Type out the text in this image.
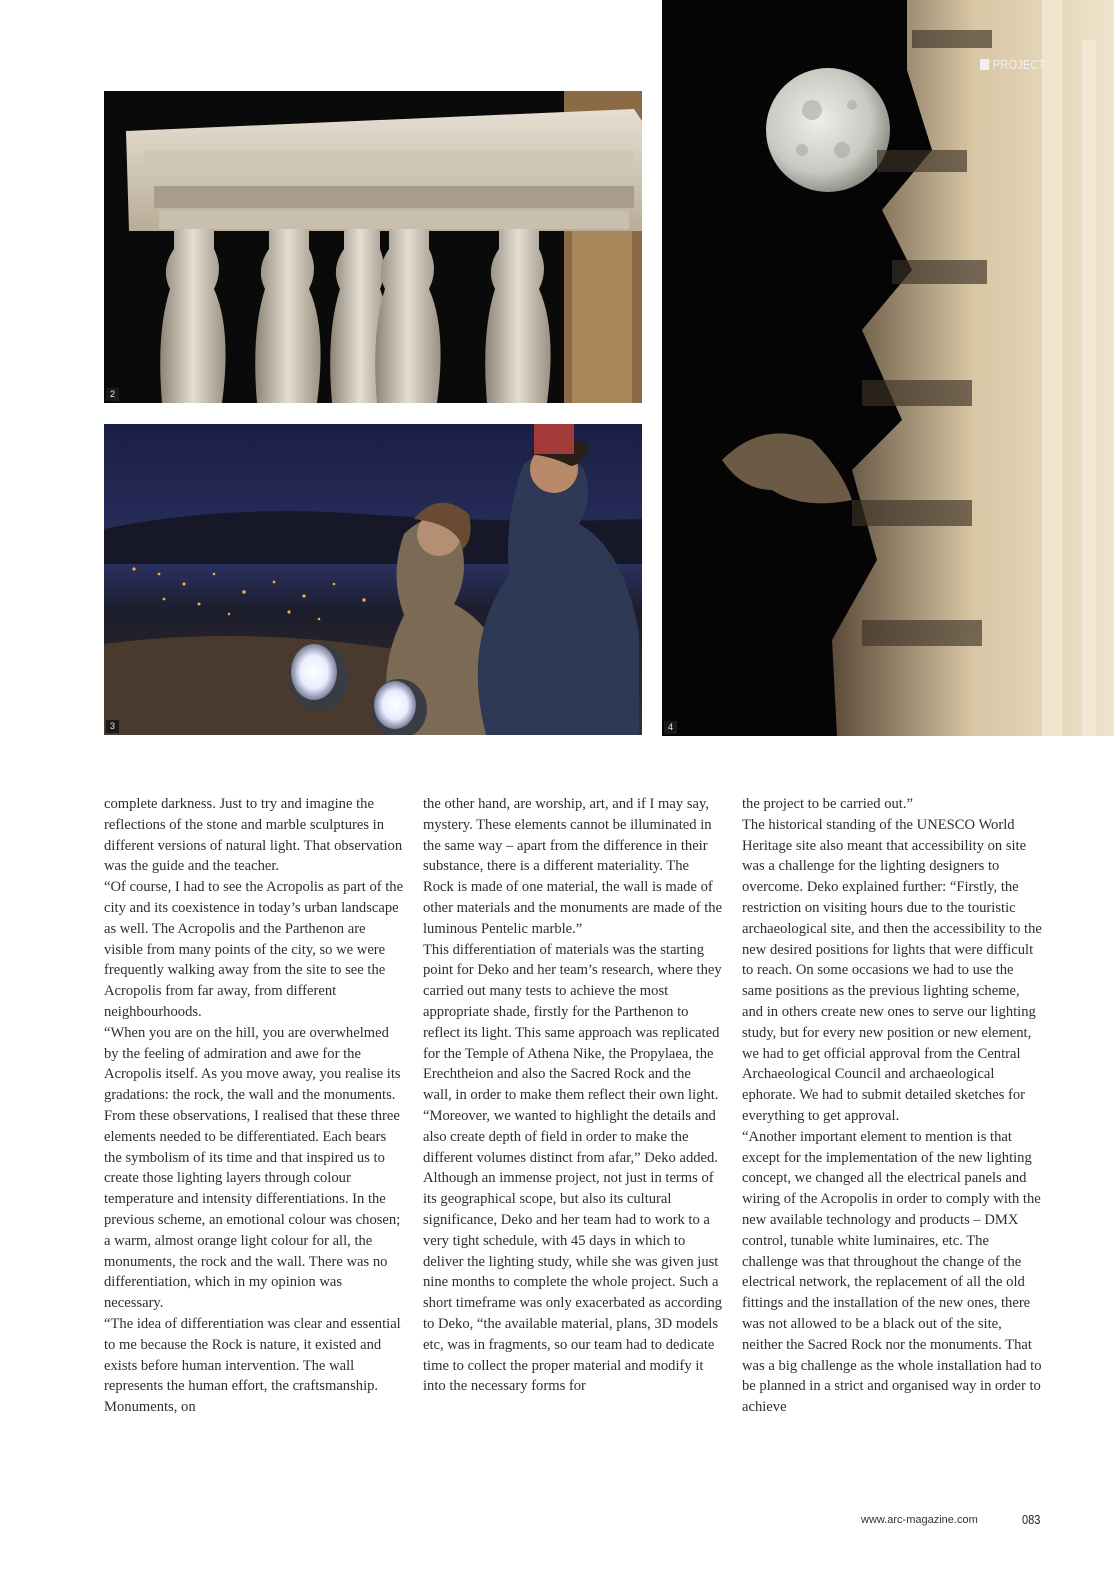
2
3	4
PROJECT

complete darkness. Just to try and imagine the reflections of the stone and marble sculptures in different versions of natural light. That observation was the guide and the teacher.

“Of course, I had to see the Acropolis as part of the city and its coexistence in today’s urban landscape as well. The Acropolis and the Parthenon are visible from many points of the city, so we were frequently walking away from the site to see the Acropolis from far away, from different neighbourhoods.

“When you are on the hill, you are overwhelmed by the feeling of admiration and awe for the Acropolis itself. As you move away, you realise its gradations: the rock, the wall and the monuments. From these observations, I realised that these three elements needed to be differentiated. Each bears the symbolism of its time and that inspired us to create those lighting layers through colour temperature and intensity differentiations. In the previous scheme, an emotional colour was chosen; a warm, almost orange light colour for all, the monuments, the rock and the wall. There was no differentiation, which in my opinion was necessary.

“The idea of differentiation was clear and essential to me because the Rock is nature, it existed and exists before human intervention. The wall represents the human effort, the craftsmanship. Monuments, on

the other hand, are worship, art, and if I may say, mystery. These elements cannot be illuminated in the same way – apart from the difference in their substance, there is a different materiality. The Rock is made of one material, the wall is made of other materials and the monuments are made of the luminous Pentelic marble.”

This differentiation of materials was the starting point for Deko and her team’s research, where they carried out many tests to achieve the most appropriate shade, firstly for the Parthenon to reflect its light. This same approach was replicated for the Temple of Athena Nike, the Propylaea, the Erechtheion and also the Sacred Rock and the wall, in order to make them reflect their own light. “Moreover, we wanted to highlight the details and also create depth of field in order to make the different volumes distinct from afar,” Deko added.

Although an immense project, not just in terms of its geographical scope, but also its cultural significance, Deko and her team had to work to a very tight schedule, with 45 days in which to deliver the lighting study, while she was given just nine months to complete the whole project. Such a short timeframe was only exacerbated as according to Deko, “the available material, plans, 3D models etc, was in fragments, so our team had to dedicate time to collect the proper material and modify it into the necessary forms for

the project to be carried out.”

The historical standing of the UNESCO World Heritage site also meant that accessibility on site was a challenge for the lighting designers to overcome. Deko explained further: “Firstly, the restriction on visiting hours due to the touristic archaeological site, and then the accessibility to the new desired positions for lights that were difficult to reach. On some occasions we had to use the same positions as the previous lighting scheme, and in others create new ones to serve our lighting study, but for every new position or new element, we had to get official approval from the Central Archaeological Council and archaeological ephorate. We had to submit detailed sketches for everything to get approval.

“Another important element to mention is that except for the implementation of the new lighting concept, we changed all the electrical panels and wiring of the Acropolis in order to comply with the new available technology and products – DMX control, tunable white luminaires, etc. The challenge was that throughout the change of the electrical network, the replacement of all the old fittings and the installation of the new ones, there was not allowed to be a black out of the site, neither the Sacred Rock nor the monuments. That was a big challenge as the whole installation had to be planned in a strict and organised way in order to achieve

www.arc-magazine.com	083
